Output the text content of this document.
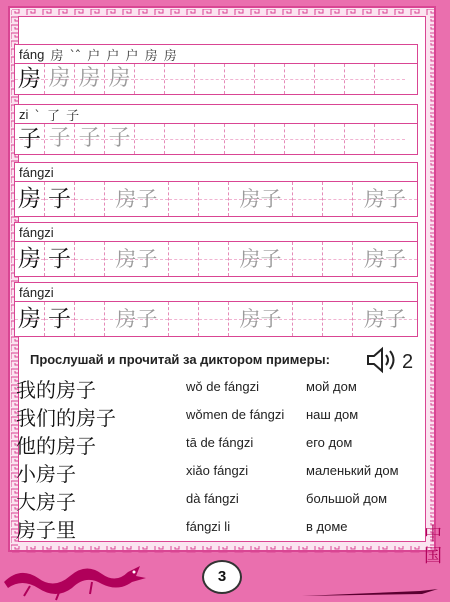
fáng 房 ` ̂ 户 户 户 房 房
房 房 房 房
zi ` 了 子
子 子 子 子
fángzi
房 子	房子	房子	房子
fángzi
房 子	房子	房子	房子
fángzi
房 子	房子	房子	房子
Прослушай и прочитай за диктором примеры:	2
我的房子	wǒ de fángzi	мой дом
我们的房子	wǒmen de fángzi наш дом
他的房子	tā de fángzi	его дом
小房子	xiǎo fángzi	маленький дом
大房子	dà fángzi	большой дом
房子里	fángzi li	в доме
3
中
国
